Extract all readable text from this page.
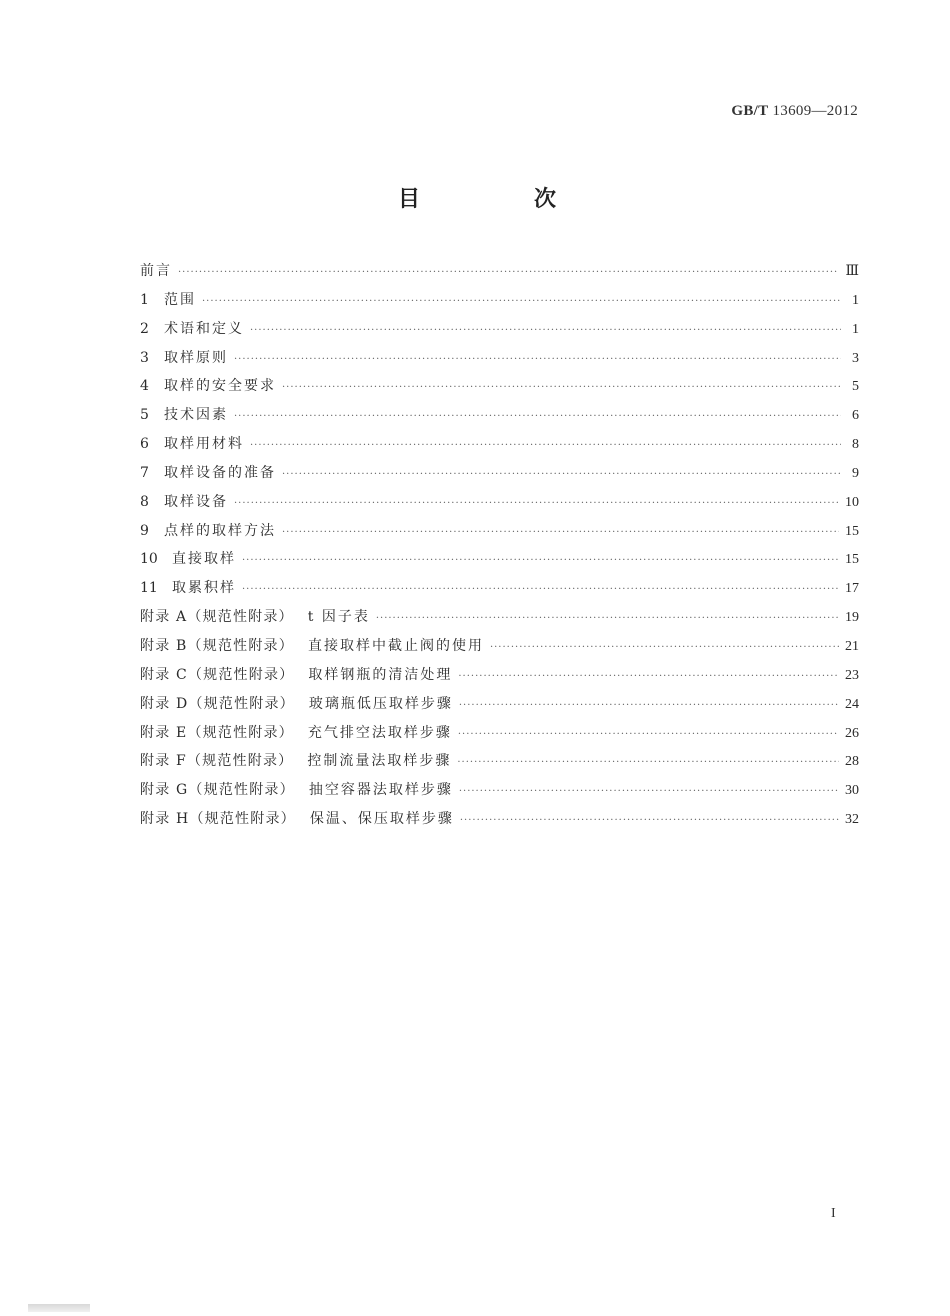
GB/T 13609—2012
目　次
前言 ·····	Ⅲ
1	范围 ·····	1
2	术语和定义 ·····	1
3	取样原则 ·····	3
4	取样的安全要求 ·····	5
5	技术因素 ·····	6
6	取样用材料 ·····	8
7	取样设备的准备 ·····	9
8	取样设备 ·····	10
9	点样的取样方法 ·····	15
10	直接取样 ·····	15
11	取累积样 ·····	17
附录 A（规范性附录） t 因子表 ·····	19
附录 B（规范性附录） 直接取样中截止阀的使用 ·····	21
附录 C（规范性附录） 取样钢瓶的清洁处理 ·····	23
附录 D（规范性附录） 玻璃瓶低压取样步骤 ·····	24
附录 E（规范性附录） 充气排空法取样步骤 ·····	26
附录 F（规范性附录） 控制流量法取样步骤 ·····	28
附录 G（规范性附录） 抽空容器法取样步骤 ·····	30
附录 H（规范性附录） 保温、保压取样步骤 ·····	32
I
